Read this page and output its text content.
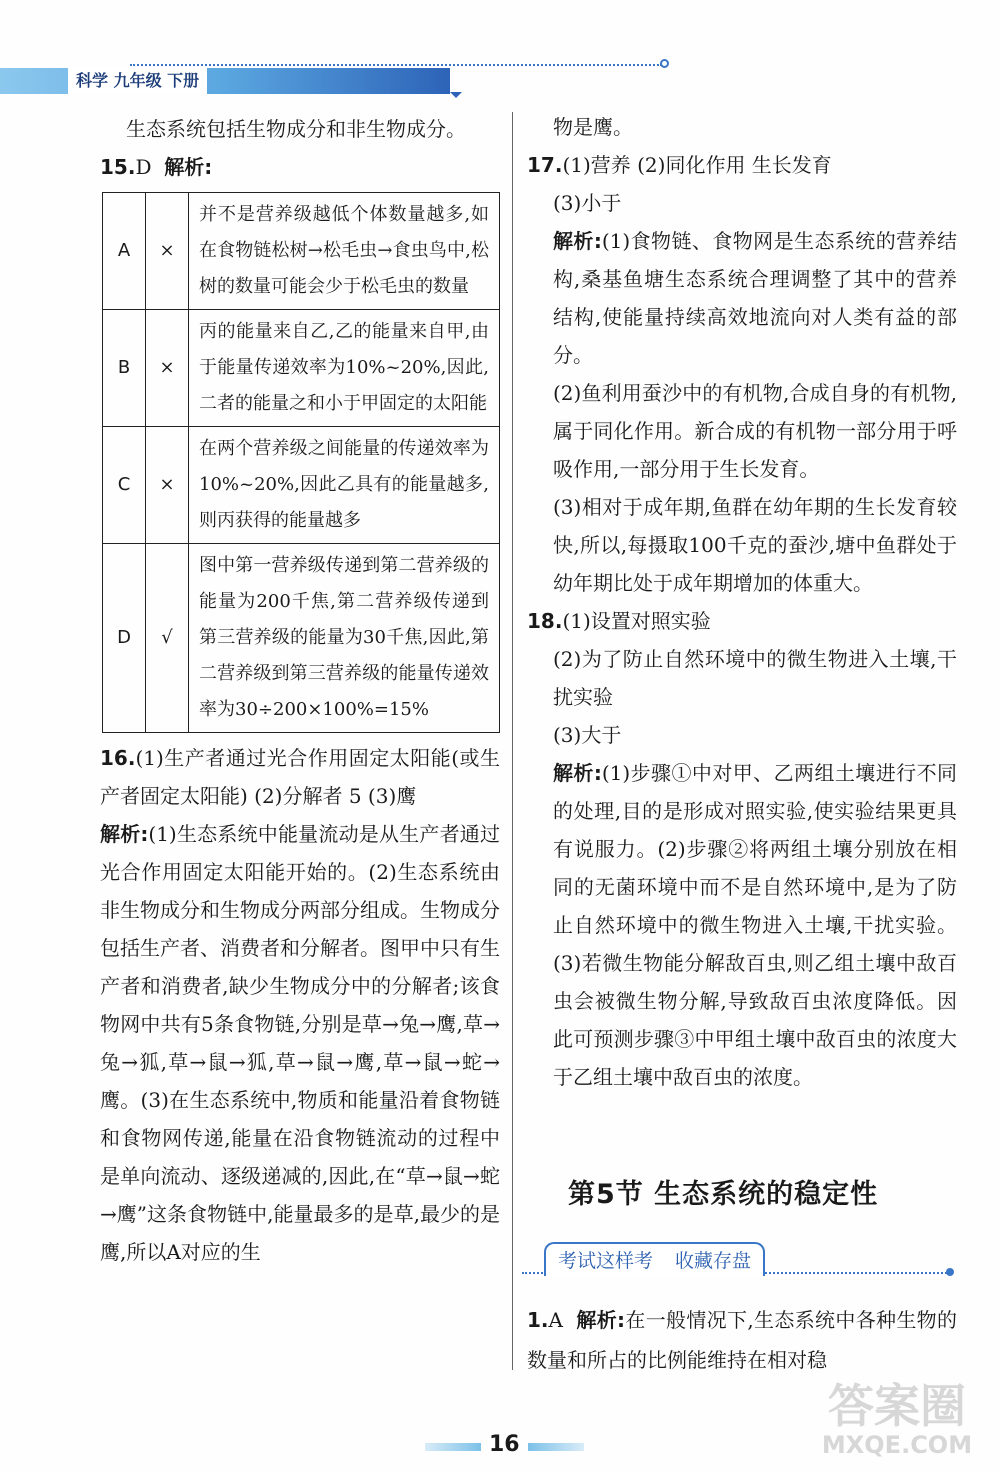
科学 九年级 下册

生态系统包括生物成分和非生物成分。

15.D 解析:

A	×	并不是营养级越低个体数量越多,如在食物链松树→松毛虫→食虫鸟中,松树的数量可能会少于松毛虫的数量
B	×	丙的能量来自乙,乙的能量来自甲,由于能量传递效率为10%~20%,因此,二者的能量之和小于甲固定的太阳能
C	×	在两个营养级之间能量的传递效率为10%~20%,因此乙具有的能量越多,则丙获得的能量越多
D	√	图中第一营养级传递到第二营养级的能量为200千焦,第二营养级传递到第三营养级的能量为30千焦,因此,第二营养级到第三营养级的能量传递效率为30÷200×100%=15%

16.(1)生产者通过光合作用固定太阳能(或生产者固定太阳能) (2)分解者 5 (3)鹰

解析:(1)生态系统中能量流动是从生产者通过光合作用固定太阳能开始的。(2)生态系统由非生物成分和生物成分两部分组成。生物成分包括生产者、消费者和分解者。图甲中只有生产者和消费者,缺少生物成分中的分解者;该食物网中共有5条食物链,分别是草→兔→鹰,草→兔→狐,草→鼠→狐,草→鼠→鹰,草→鼠→蛇→鹰。(3)在生态系统中,物质和能量沿着食物链和食物网传递,能量在沿食物链流动的过程中是单向流动、逐级递减的,因此,在“草→鼠→蛇→鹰”这条食物链中,能量最多的是草,最少的是鹰,所以A对应的生

物是鹰。

17.(1)营养 (2)同化作用 生长发育

(3)小于

解析:(1)食物链、食物网是生态系统的营养结构,桑基鱼塘生态系统合理调整了其中的营养结构,使能量持续高效地流向对人类有益的部分。

(2)鱼利用蚕沙中的有机物,合成自身的有机物,属于同化作用。新合成的有机物一部分用于呼吸作用,一部分用于生长发育。

(3)相对于成年期,鱼群在幼年期的生长发育较快,所以,每摄取100千克的蚕沙,塘中鱼群处于幼年期比处于成年期增加的体重大。

18.(1)设置对照实验

(2)为了防止自然环境中的微生物进入土壤,干扰实验

(3)大于

解析:(1)步骤①中对甲、乙两组土壤进行不同的处理,目的是形成对照实验,使实验结果更具有说服力。(2)步骤②将两组土壤分别放在相同的无菌环境中而不是自然环境中,是为了防止自然环境中的微生物进入土壤,干扰实验。(3)若微生物能分解敌百虫,则乙组土壤中敌百虫会被微生物分解,导致敌百虫浓度降低。因此可预测步骤③中甲组土壤中敌百虫的浓度大于乙组土壤中敌百虫的浓度。

第5节 生态系统的稳定性
考试这样考 收藏存盘

1.A 解析:在一般情况下,生态系统中各种生物的数量和所占的比例能维持在相对稳

16
答案圈
MXQE.COM
